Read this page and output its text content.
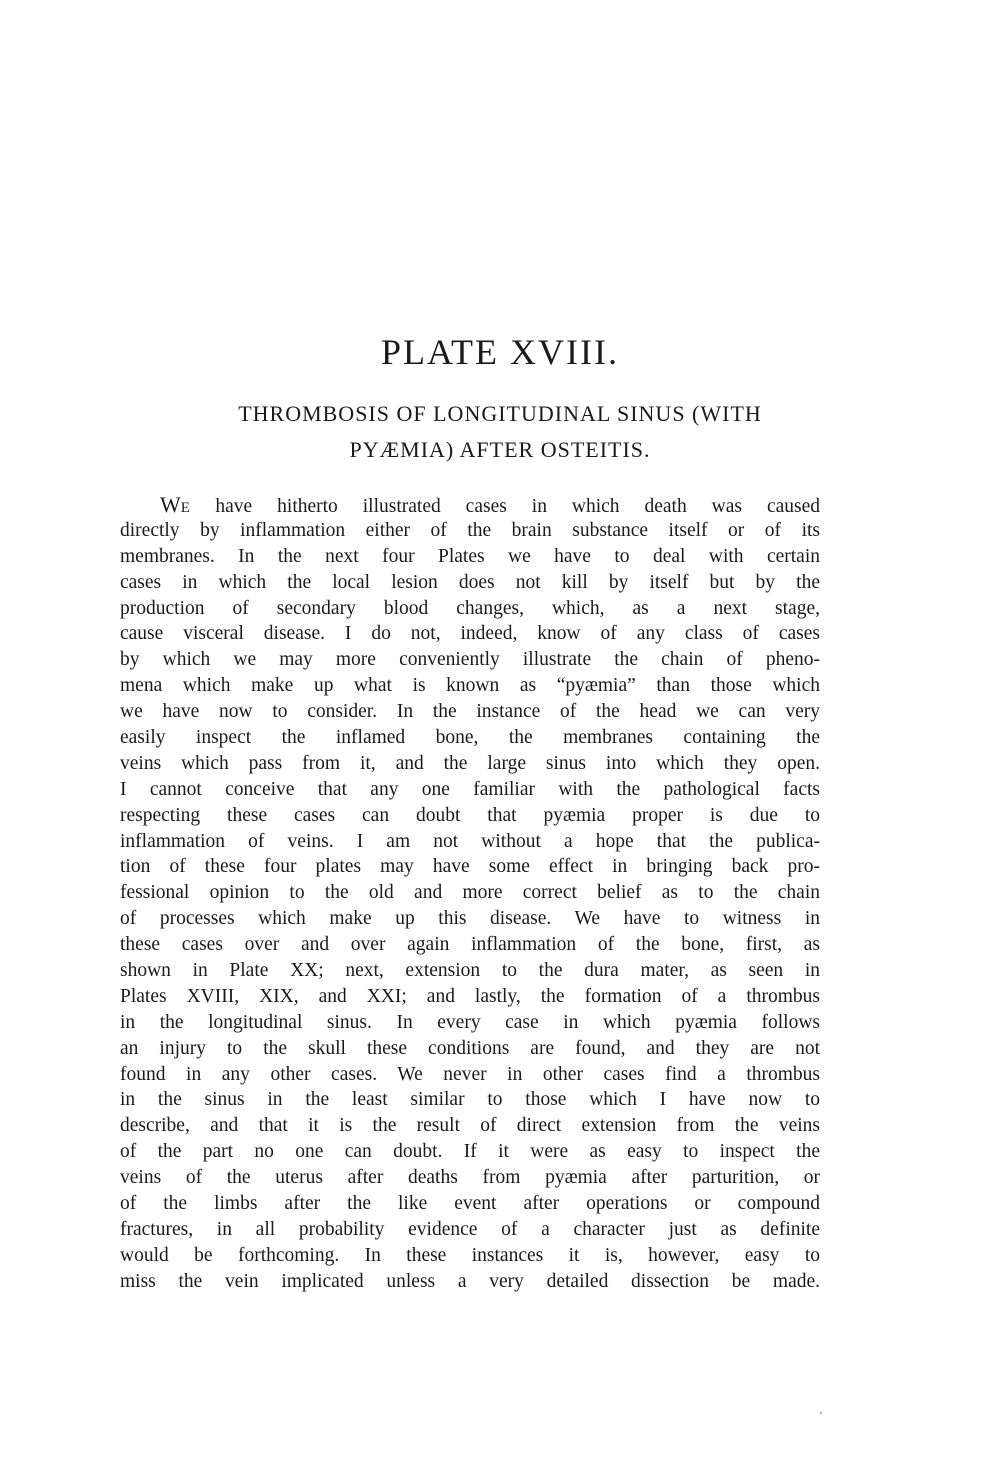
PLATE XVIII.
THROMBOSIS OF LONGITUDINAL SINUS (WITH
PYÆMIA) AFTER OSTEITIS.
WE have hitherto illustrated cases in which death was caused
directly by inflammation either of the brain substance itself or of its
membranes. In the next four Plates we have to deal with certain
cases in which the local lesion does not kill by itself but by the
production of secondary blood changes, which, as a next stage,
cause visceral disease. I do not, indeed, know of any class of cases
by which we may more conveniently illustrate the chain of pheno-
mena which make up what is known as “pyæmia” than those which
we have now to consider. In the instance of the head we can very
easily inspect the inflamed bone, the membranes containing the
veins which pass from it, and the large sinus into which they open.
I cannot conceive that any one familiar with the pathological facts
respecting these cases can doubt that pyæmia proper is due to
inflammation of veins. I am not without a hope that the publica-
tion of these four plates may have some effect in bringing back pro-
fessional opinion to the old and more correct belief as to the chain
of processes which make up this disease. We have to witness in
these cases over and over again inflammation of the bone, first, as
shown in Plate XX; next, extension to the dura mater, as seen in
Plates XVIII, XIX, and XXI; and lastly, the formation of a thrombus
in the longitudinal sinus. In every case in which pyæmia follows
an injury to the skull these conditions are found, and they are not
found in any other cases. We never in other cases find a thrombus
in the sinus in the least similar to those which I have now to
describe, and that it is the result of direct extension from the veins
of the part no one can doubt. If it were as easy to inspect the
veins of the uterus after deaths from pyæmia after parturition, or
of the limbs after the like event after operations or compound
fractures, in all probability evidence of a character just as definite
would be forthcoming. In these instances it is, however, easy to
miss the vein implicated unless a very detailed dissection be made.
